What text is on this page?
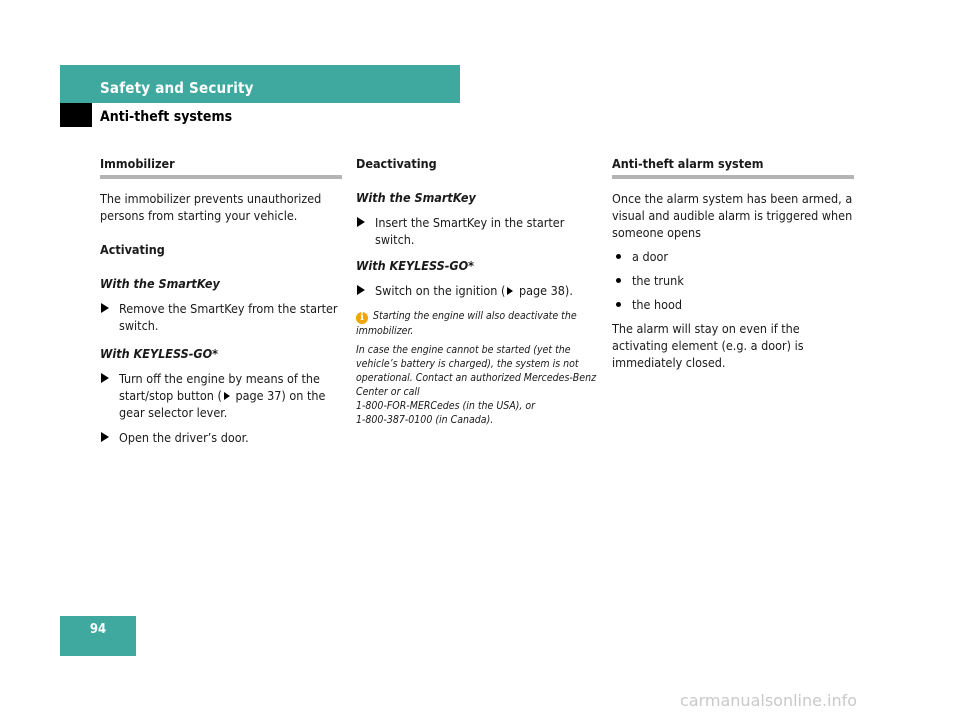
Safety and Security
Anti-theft systems
Immobilizer

The immobilizer prevents unauthorized persons from starting your vehicle.

Activating

With the SmartKey

Remove the SmartKey from the starter switch.

With KEYLESS-GO*

Turn off the engine by means of the start/stop button ( page 37) on the gear selector lever.
Open the driver’s door.
Deactivating

With the SmartKey

Insert the SmartKey in the starter switch.

With KEYLESS-GO*

Switch on the ignition ( page 38).

i Starting the engine will also deactivate the immobilizer.

In case the engine cannot be started (yet the vehicle’s battery is charged), the system is not operational. Contact an authorized Mercedes-Benz Center or call

1-800-FOR-MERCedes (in the USA), or

1-800-387-0100 (in Canada).

Anti-theft alarm system

Once the alarm system has been armed, a visual and audible alarm is triggered when someone opens

a door
the trunk
the hood

The alarm will stay on even if the activating element (e.g. a door) is immediately closed.

94
carmanualsonline.info
